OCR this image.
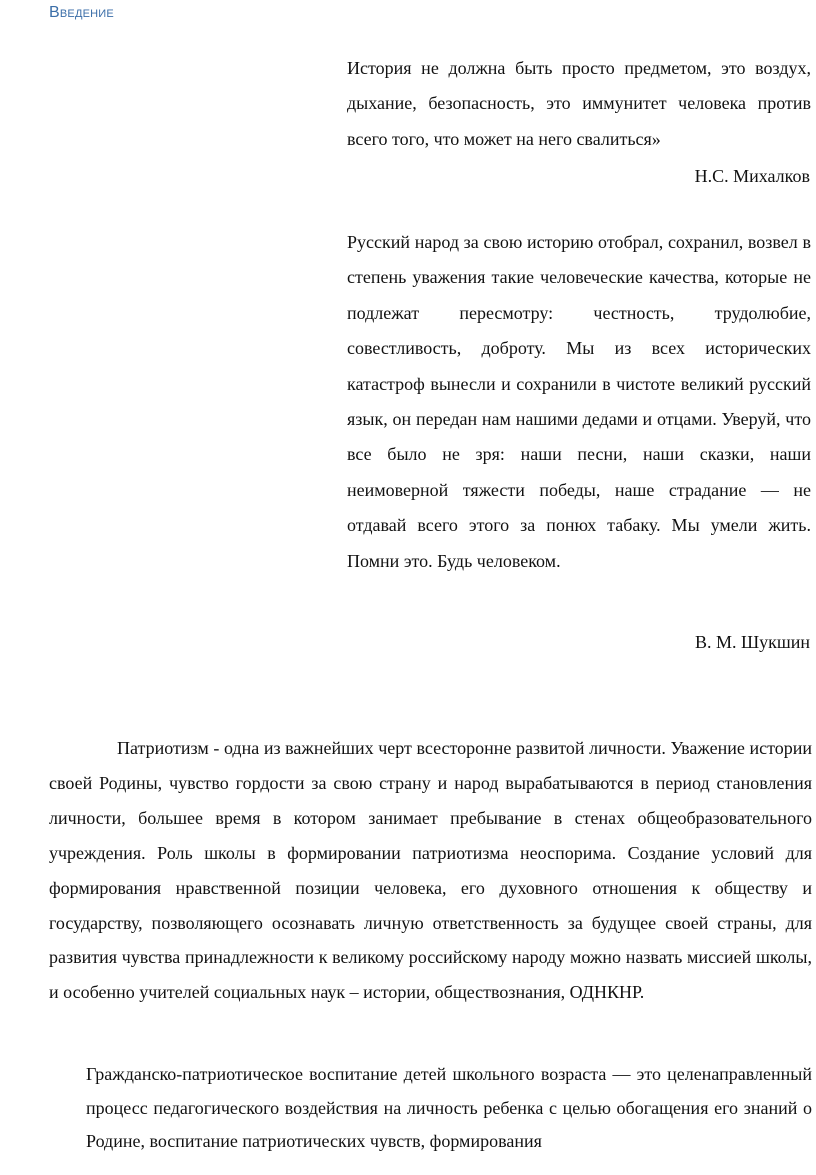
Введение
История не должна быть просто предметом, это воздух, дыхание, безопасность, это иммунитет человека против всего того, что может на него свалиться»
Н.С. Михалков
Русский народ за свою историю отобрал, сохранил, возвел в степень уважения такие человеческие качества, которые не подлежат пересмотру: честность, трудолюбие, совестливость, доброту. Мы из всех исторических катастроф вынесли и сохранили в чистоте великий русский язык, он передан нам нашими дедами и отцами. Уверуй, что все было не зря: наши песни, наши сказки, наши неимоверной тяжести победы, наше страдание — не отдавай всего этого за понюх табаку. Мы умели жить. Помни это. Будь человеком.
В. М. Шукшин
Патриотизм - одна из важнейших черт всесторонне развитой личности. Уважение истории своей Родины, чувство гордости за свою страну и народ вырабатываются в период становления личности, большее время в котором занимает пребывание в стенах общеобразовательного учреждения. Роль школы в формировании патриотизма неоспорима. Создание условий для формирования нравственной позиции человека, его духовного отношения к обществу и государству, позволяющего осознавать личную ответственность за будущее своей страны, для развития чувства принадлежности к великому российскому народу можно назвать миссией школы, и особенно учителей социальных наук – истории, обществознания, ОДНКНР.
Гражданско-патриотическое воспитание детей школьного возраста — это целенаправленный процесс педагогического воздействия на личность ребенка с целью обогащения его знаний о Родине, воспитание патриотических чувств, формирования
